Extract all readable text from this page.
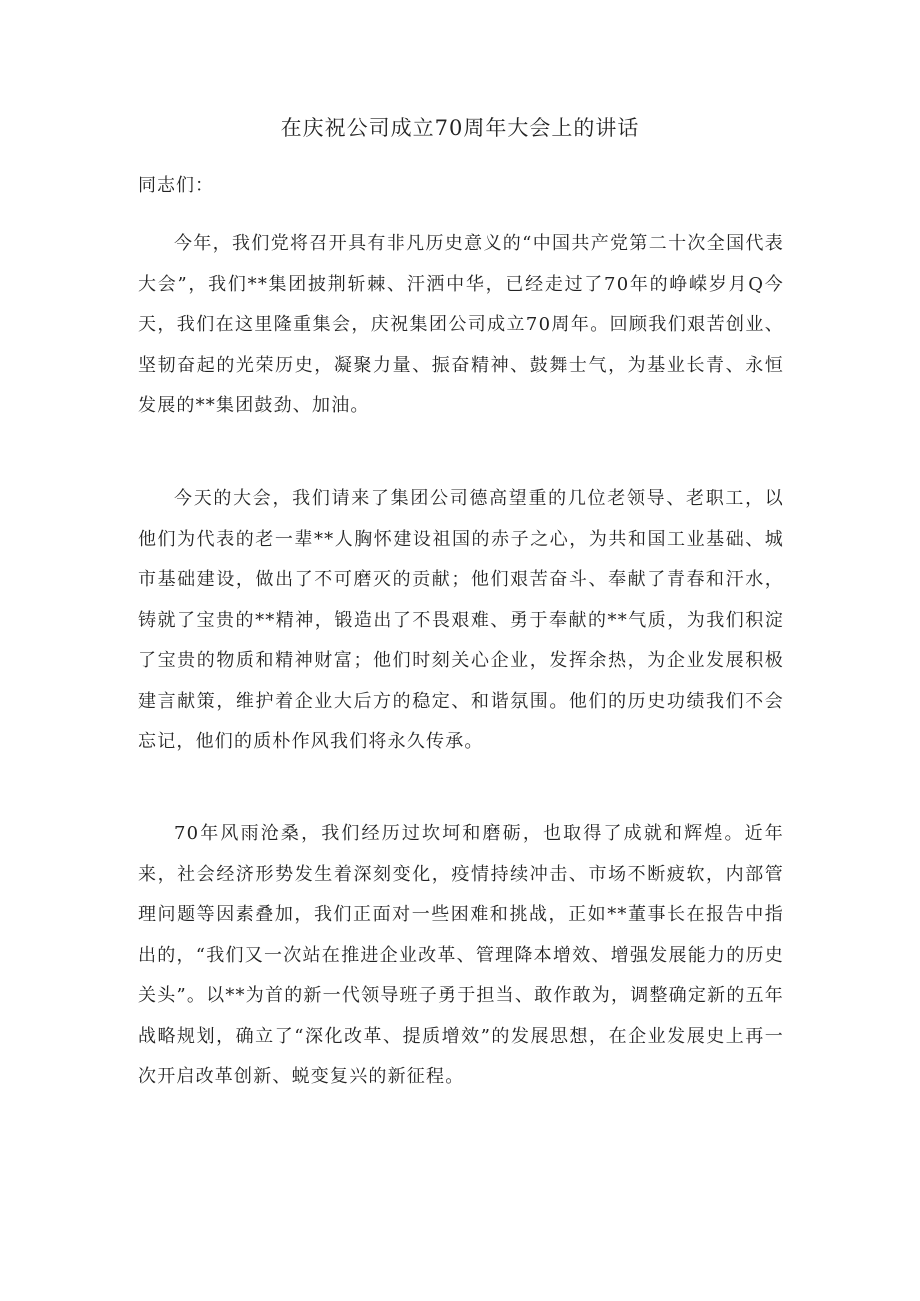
在庆祝公司成立70周年大会上的讲话

同志们：

今年，我们党将召开具有非凡历史意义的“中国共产党第二十次全国代表大会”，我们**集团披荆斩棘、汗洒中华，已经走过了70年的峥嵘岁月Q今天，我们在这里隆重集会，庆祝集团公司成立70周年。回顾我们艰苦创业、坚韧奋起的光荣历史，凝聚力量、振奋精神、鼓舞士气，为基业长青、永恒发展的**集团鼓劲、加油。

今天的大会，我们请来了集团公司德高望重的几位老领导、老职工，以他们为代表的老一辈**人胸怀建设祖国的赤子之心，为共和国工业基础、城市基础建设，做出了不可磨灭的贡献；他们艰苦奋斗、奉献了青春和汗水，铸就了宝贵的**精神，锻造出了不畏艰难、勇于奉献的**气质，为我们积淀了宝贵的物质和精神财富；他们时刻关心企业，发挥余热，为企业发展积极建言献策，维护着企业大后方的稳定、和谐氛围。他们的历史功绩我们不会忘记，他们的质朴作风我们将永久传承。

70年风雨沧桑，我们经历过坎坷和磨砺，也取得了成就和辉煌。近年来，社会经济形势发生着深刻变化，疫情持续冲击、市场不断疲软，内部管理问题等因素叠加，我们正面对一些困难和挑战，正如**董事长在报告中指出的，“我们又一次站在推进企业改革、管理降本增效、增强发展能力的历史关头”。以**为首的新一代领导班子勇于担当、敢作敢为，调整确定新的五年战略规划，确立了“深化改革、提质增效”的发展思想，在企业发展史上再一次开启改革创新、蜕变复兴的新征程。
